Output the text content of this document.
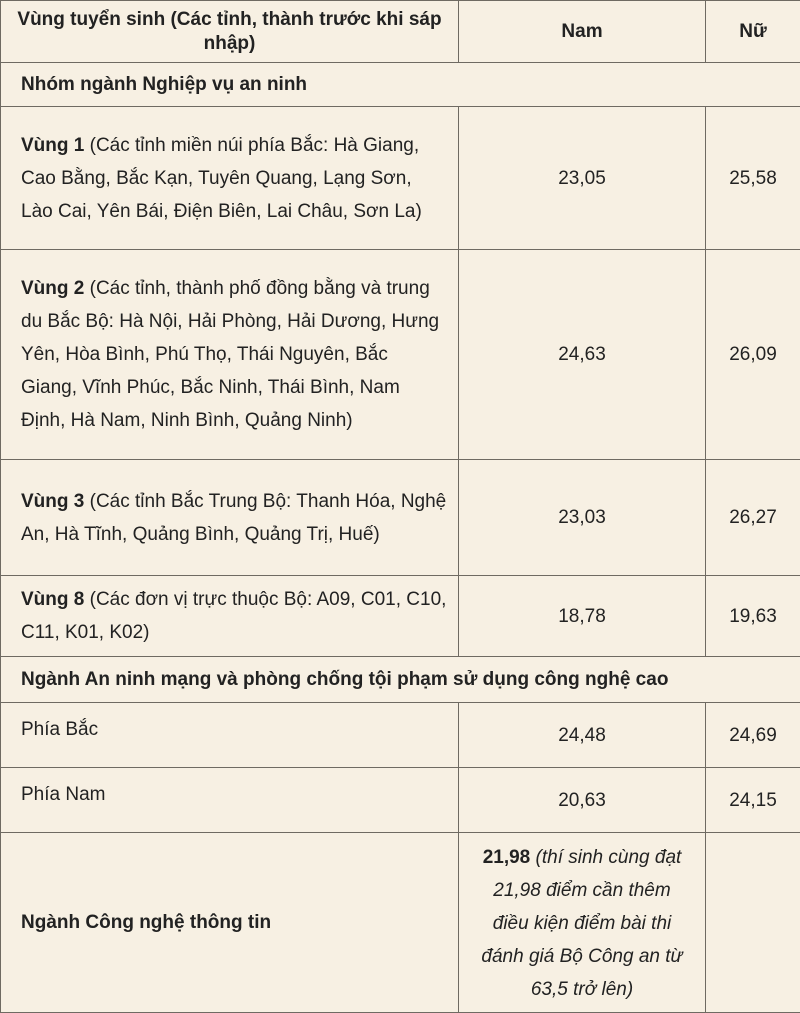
Vùng tuyển sinh (Các tỉnh, thành trước khi sáp nhập)	Nam	Nữ
Nhóm ngành Nghiệp vụ an ninh		
Vùng 1 (Các tỉnh miền núi phía Bắc: Hà Giang, Cao Bằng, Bắc Kạn, Tuyên Quang, Lạng Sơn, Lào Cai, Yên Bái, Điện Biên, Lai Châu, Sơn La)	23,05	25,58
Vùng 2 (Các tỉnh, thành phố đồng bằng và trung du Bắc Bộ: Hà Nội, Hải Phòng, Hải Dương, Hưng Yên, Hòa Bình, Phú Thọ, Thái Nguyên, Bắc Giang, Vĩnh Phúc, Bắc Ninh, Thái Bình, Nam Định, Hà Nam, Ninh Bình, Quảng Ninh)	24,63	26,09
Vùng 3 (Các tỉnh Bắc Trung Bộ: Thanh Hóa, Nghệ An, Hà Tĩnh, Quảng Bình, Quảng Trị, Huế)	23,03	26,27
Vùng 8 (Các đơn vị trực thuộc Bộ: A09, C01, C10, C11, K01, K02)	18,78	19,63
Ngành An ninh mạng và phòng chống tội phạm sử dụng công nghệ cao		
Phía Bắc	24,48	24,69
Phía Nam	20,63	24,15
Ngành Công nghệ thông tin	21,98 (thí sinh cùng đạt 21,98 điểm cần thêm điều kiện điểm bài thi đánh giá Bộ Công an từ 63,5 trở lên)	
